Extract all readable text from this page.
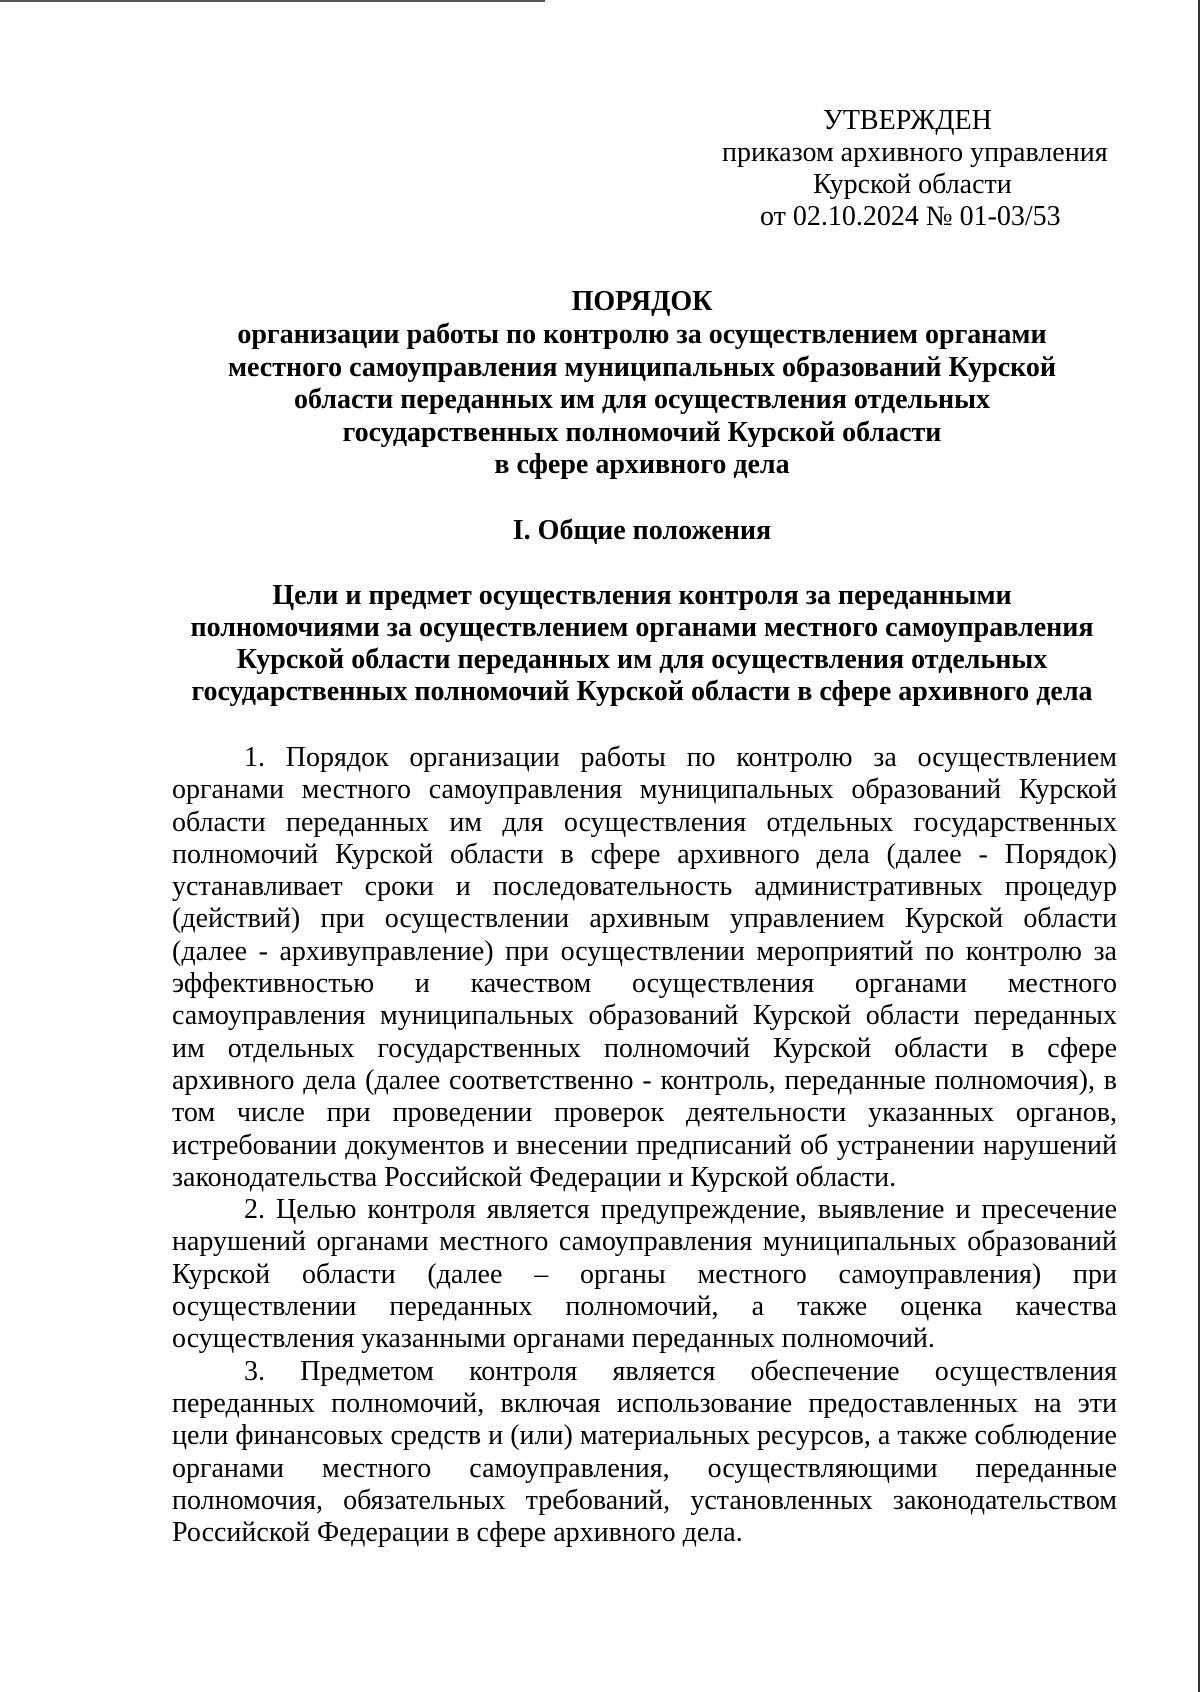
УТВЕРЖДЕН
приказом архивного управления
Курской области
от 02.10.2024 № 01-03/53
ПОРЯДОК
организации работы по контролю за осуществлением органами
местного самоуправления муниципальных образований Курской
области переданных им для осуществления отдельных
государственных полномочий Курской области
в сфере архивного дела
I. Общие положения
Цели и предмет осуществления контроля за переданными
полномочиями за осуществлением органами местного самоуправления
Курской области переданных им для осуществления отдельных
государственных полномочий Курской области в сфере архивного дела

1. Порядок организации работы по контролю за осуществлением органами местного самоуправления муниципальных образований Курской области переданных им для осуществления отдельных государственных полномочий Курской области в сфере архивного дела (далее - Порядок) устанавливает сроки и последовательность административных процедур (действий) при осуществлении архивным управлением Курской области (далее - архивуправление) при осуществлении мероприятий по контролю за эффективностью и качеством осуществления органами местного самоуправления муниципальных образований Курской области переданных им отдельных государственных полномочий Курской области в сфере архивного дела (далее соответственно - контроль, переданные полномочия), в том числе при проведении проверок деятельности указанных органов, истребовании документов и внесении предписаний об устранении нарушений законодательства Российской Федерации и Курской области.

2. Целью контроля является предупреждение, выявление и пресечение нарушений органами местного самоуправления муниципальных образований Курской области (далее – органы местного самоуправления) при осуществлении переданных полномочий, а также оценка качества осуществления указанными органами переданных полномочий.

3. Предметом контроля является обеспечение осуществления переданных полномочий, включая использование предоставленных на эти цели финансовых средств и (или) материальных ресурсов, а также соблюдение органами местного самоуправления, осуществляющими переданные полномочия, обязательных требований, установленных законодательством Российской Федерации в сфере архивного дела.
